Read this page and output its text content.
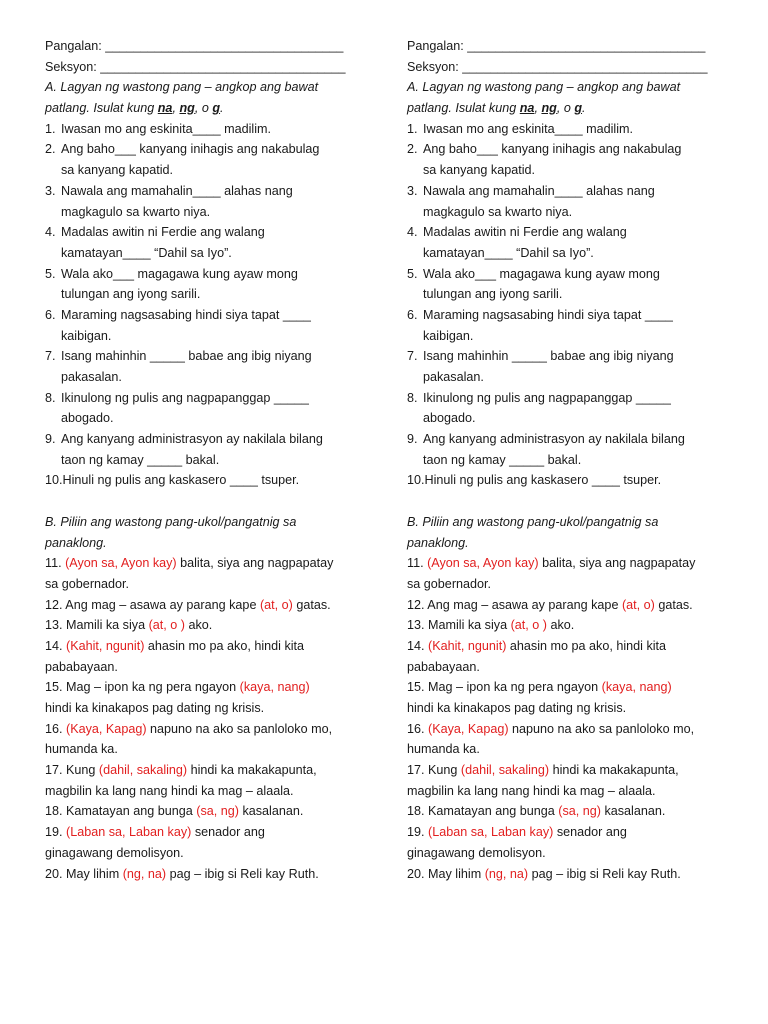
Pangalan: __________________________________
Seksyon: ___________________________________
A. Lagyan ng wastong pang – angkop ang bawat
patlang. Isulat kung na, ng, o g.
1. Iwasan mo ang eskinita____ madilim.
2. Ang baho___ kanyang inihagis ang nakabulag
sa kanyang kapatid.
3. Nawala ang mamahalin____ alahas nang
magkagulo sa kwarto niya.
4. Madalas awitin ni Ferdie ang walang
kamatayan____ “Dahil sa Iyo”.
5. Wala ako___ magagawa kung ayaw mong
tulungan ang iyong sarili.
6. Maraming nagsasabing hindi siya tapat ____
kaibigan.
7. Isang mahinhin _____ babae ang ibig niyang
pakasalan.
8. Ikinulong ng pulis ang nagpapanggap _____
abogado.
9. Ang kanyang administrasyon ay nakilala bilang
taon ng kamay _____ bakal.
10.Hinuli ng pulis ang kaskasero ____ tsuper.
B. Piliin ang wastong pang-ukol/pangatnig sa
panaklong.
11. (Ayon sa, Ayon kay) balita, siya ang nagpapatay
sa gobernador.
12. Ang mag – asawa ay parang kape (at, o) gatas.
13. Mamili ka siya (at, o ) ako.
14. (Kahit, ngunit) ahasin mo pa ako, hindi kita
pababayaan.
15. Mag – ipon ka ng pera ngayon (kaya, nang)
hindi ka kinakapos pag dating ng krisis.
16. (Kaya, Kapag) napuno na ako sa panloloko mo,
humanda ka.
17. Kung (dahil, sakaling) hindi ka makakapunta,
magbilin ka lang nang hindi ka mag – alaala.
18. Kamatayan ang bunga (sa, ng) kasalanan.
19. (Laban sa, Laban kay) senador ang
ginagawang demolisyon.
20. May lihim (ng, na) pag – ibig si Reli kay Ruth.
Pangalan: __________________________________
Seksyon: ___________________________________
A. Lagyan ng wastong pang – angkop ang bawat
patlang. Isulat kung na, ng, o g.
1. Iwasan mo ang eskinita____ madilim.
2. Ang baho___ kanyang inihagis ang nakabulag
sa kanyang kapatid.
3. Nawala ang mamahalin____ alahas nang
magkagulo sa kwarto niya.
4. Madalas awitin ni Ferdie ang walang
kamatayan____ “Dahil sa Iyo”.
5. Wala ako___ magagawa kung ayaw mong
tulungan ang iyong sarili.
6. Maraming nagsasabing hindi siya tapat ____
kaibigan.
7. Isang mahinhin _____ babae ang ibig niyang
pakasalan.
8. Ikinulong ng pulis ang nagpapanggap _____
abogado.
9. Ang kanyang administrasyon ay nakilala bilang
taon ng kamay _____ bakal.
10.Hinuli ng pulis ang kaskasero ____ tsuper.
B. Piliin ang wastong pang-ukol/pangatnig sa
panaklong.
11. (Ayon sa, Ayon kay) balita, siya ang nagpapatay
sa gobernador.
12. Ang mag – asawa ay parang kape (at, o) gatas.
13. Mamili ka siya (at, o ) ako.
14. (Kahit, ngunit) ahasin mo pa ako, hindi kita
pababayaan.
15. Mag – ipon ka ng pera ngayon (kaya, nang)
hindi ka kinakapos pag dating ng krisis.
16. (Kaya, Kapag) napuno na ako sa panloloko mo,
humanda ka.
17. Kung (dahil, sakaling) hindi ka makakapunta,
magbilin ka lang nang hindi ka mag – alaala.
18. Kamatayan ang bunga (sa, ng) kasalanan.
19. (Laban sa, Laban kay) senador ang
ginagawang demolisyon.
20. May lihim (ng, na) pag – ibig si Reli kay Ruth.
